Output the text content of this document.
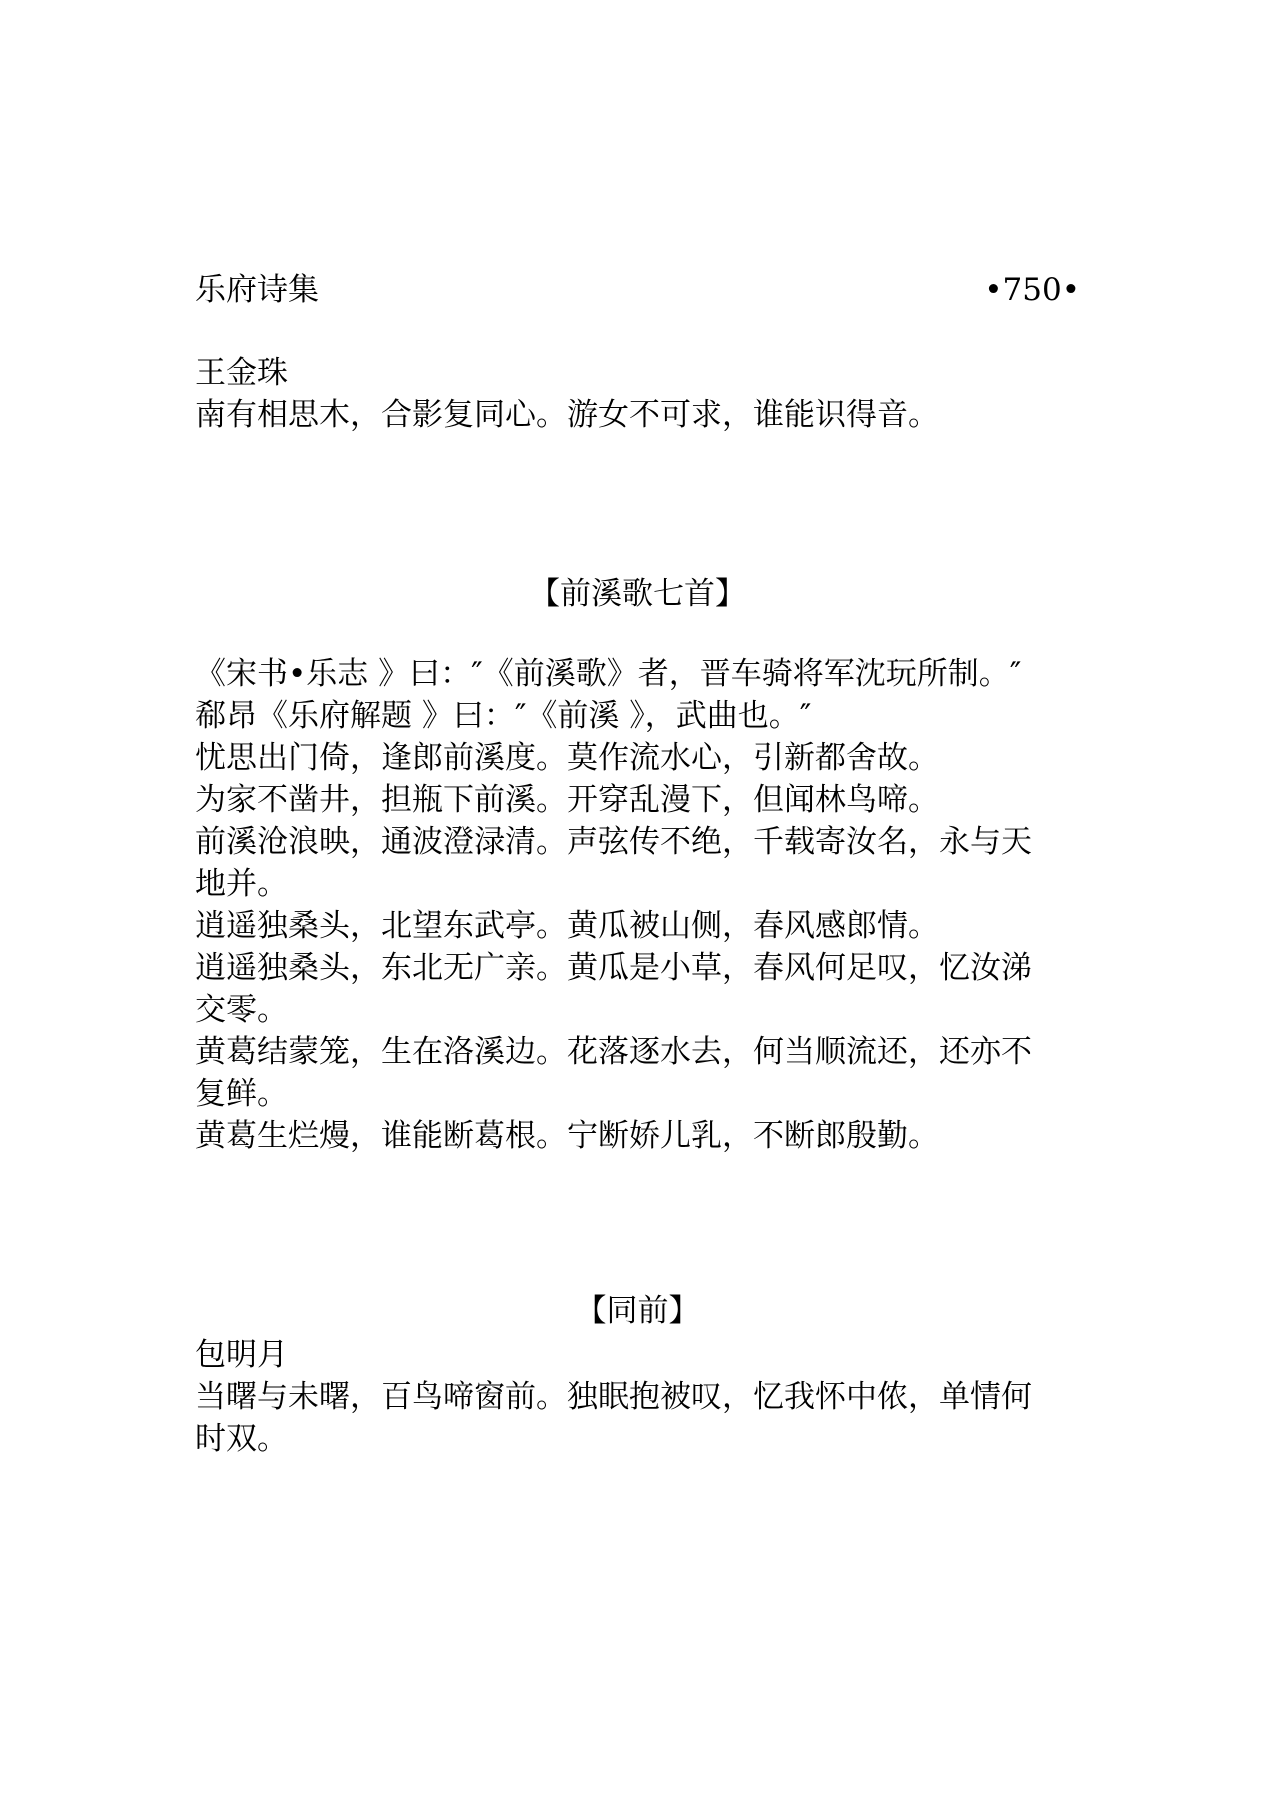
乐府诗集	•750•
王金珠
南有相思木，合影复同心。游女不可求，谁能识得音。
【前溪歌七首】
《宋书•乐志 》曰：″《前溪歌》者，晋车骑将军沈玩所制。″
郗昂《乐府解题 》曰：″《前溪 》，武曲也。″
忧思出门倚，逢郎前溪度。莫作流水心，引新都舍故。
为家不凿井，担瓶下前溪。开穿乱漫下，但闻林鸟啼。
前溪沧浪映，通波澄渌清。声弦传不绝，千载寄汝名，永与天
地并。
逍遥独桑头，北望东武亭。黄瓜被山侧，春风感郎情。
逍遥独桑头，东北无广亲。黄瓜是小草，春风何足叹，忆汝涕
交零。
黄葛结蒙笼，生在洛溪边。花落逐水去，何当顺流还，还亦不
复鲜。
黄葛生烂熳，谁能断葛根。宁断娇儿乳，不断郎殷勤。
【同前】
包明月
当曙与未曙，百鸟啼窗前。独眠抱被叹，忆我怀中侬，单情何
时双。
